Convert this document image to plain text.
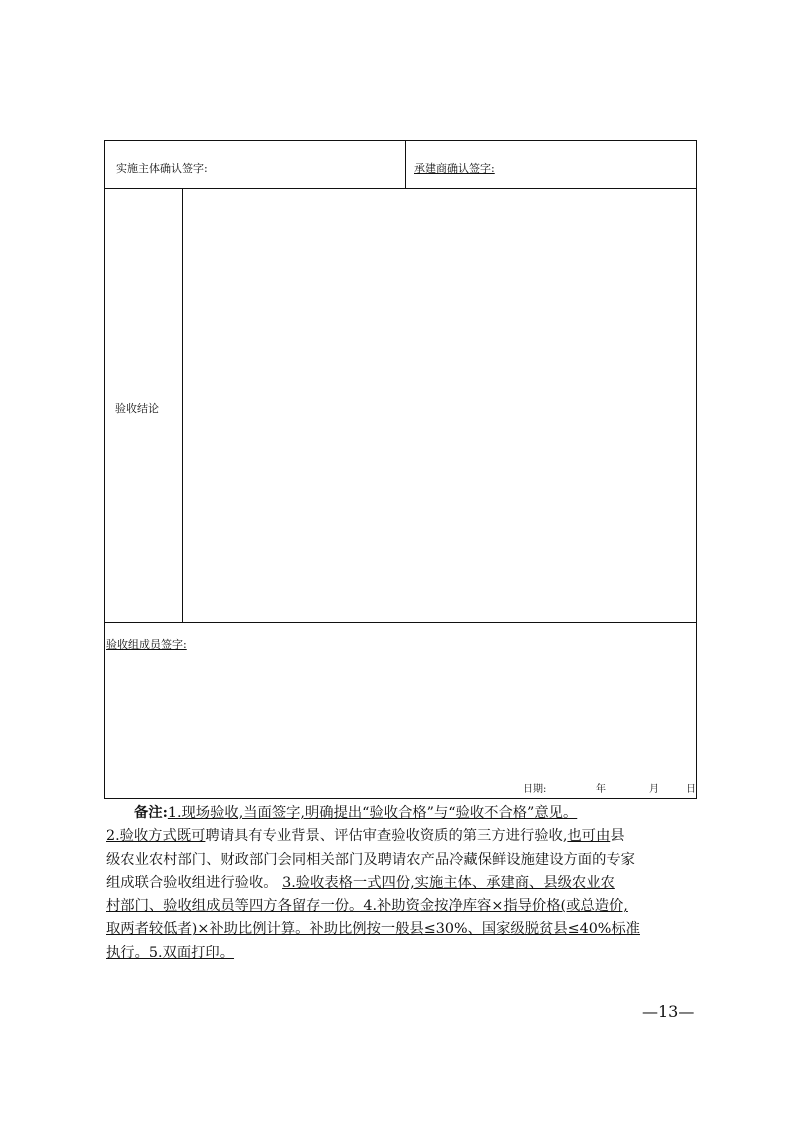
实施主体确认签字:	承建商确认签字:
验收结论
验收组成员签字:
日期:	年	月	日
备注:1.现场验收,当面签字,明确提出“验收合格”与“验收不合格”意见。
2.验收方式既可聘请具有专业背景、评估审查验收资质的第三方进行验收,也可由县
级农业农村部门、财政部门会同相关部门及聘请农产品冷藏保鲜设施建设方面的专家
组成联合验收组进行验收。 3.验收表格一式四份,实施主体、承建商、县级农业农
村部门、验收组成员等四方各留存一份。4.补助资金按净库容×指导价格(或总造价,
取两者较低者)×补助比例计算。补助比例按一般县≤30%、国家级脱贫县≤40%标准
执行。5.双面打印。
—13—
